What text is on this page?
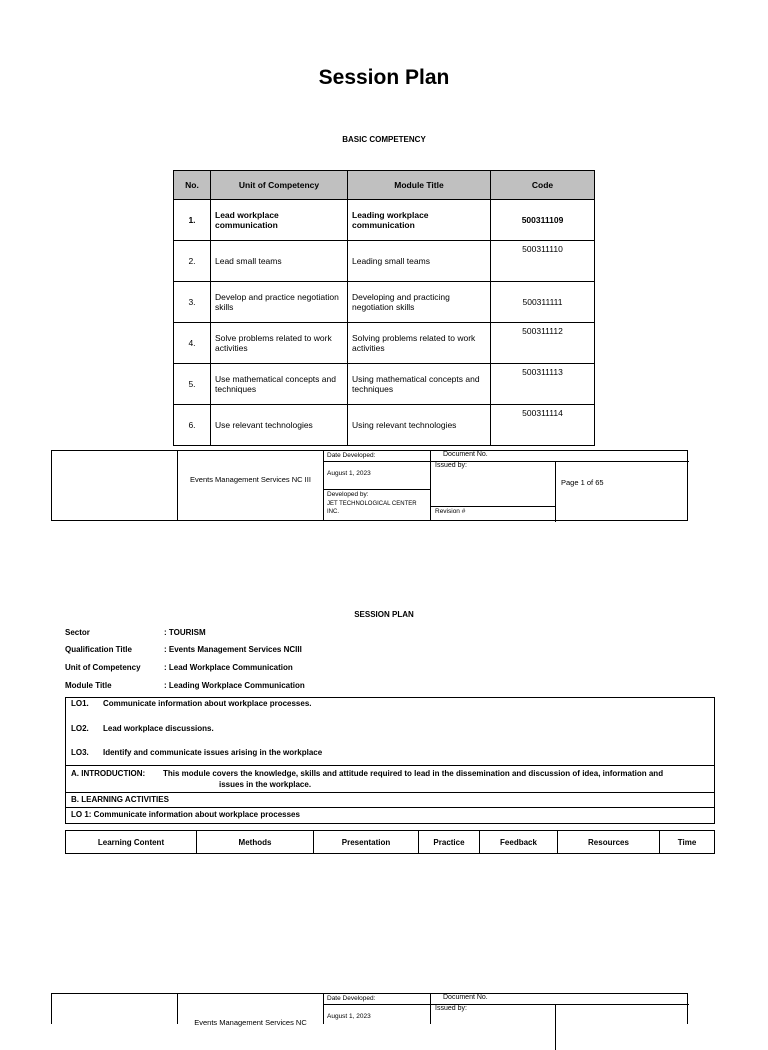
Session Plan
BASIC COMPETENCY
No.	Unit of Competency	Module Title	Code
1.	Lead workplace communication	Leading workplace communication	500311109
2.	Lead small teams	Leading small teams	500311110
3.	Develop and practice negotiation skills	Developing and practicing negotiation skills	500311111
4.	Solve problems related to work activities	Solving problems related to work activities	500311112
5.	Use mathematical concepts and techniques	Using mathematical concepts and techniques	500311113
6.	Use relevant technologies	Using relevant technologies	500311114
Events Management Services NC III
Date Developed:
August 1, 2023
Developed by:
JET TECHNOLOGICAL CENTER INC.
Document No.
Issued by:
Revision #
Page 1 of 65
SESSION PLAN
Sector	: TOURISM
Qualification Title	: Events Management Services NCIII
Unit of Competency	: Lead Workplace Communication
Module Title	: Leading Workplace Communication
LO1. Communicate information about workplace processes.
LO2. Lead workplace discussions.
LO3. Identify and communicate issues arising in the workplace
A. INTRODUCTION: This module covers the knowledge, skills and attitude required to lead in the dissemination and discussion of idea, information and
issues in the workplace.
B. LEARNING ACTIVITIES
LO 1: Communicate information about workplace processes
Learning Content	Methods	Presentation	Practice	Feedback	Resources	Time
Events Management Services NC
Date Developed:
August 1, 2023
Document No.
Issued by:
